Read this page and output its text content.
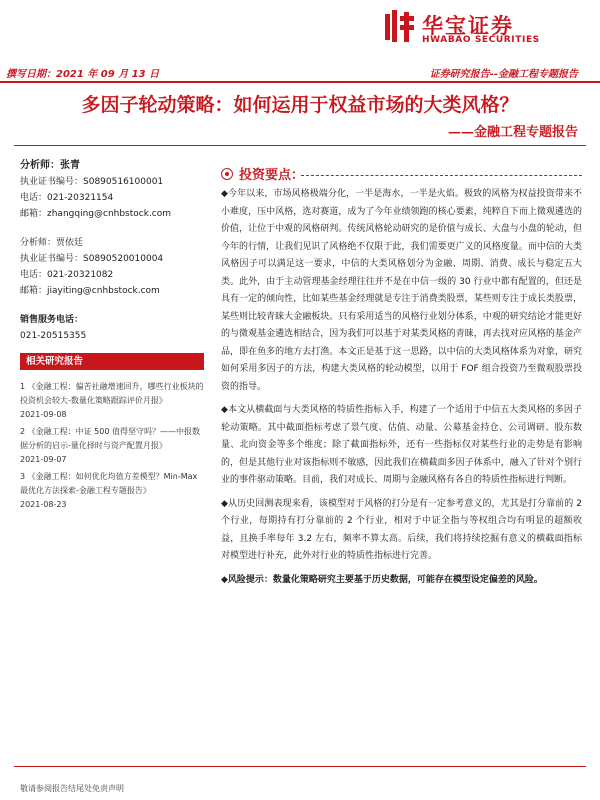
华宝证券
HWABAO SECURITIES
撰写日期：2021 年 09 月 13 日	证券研究报告--金融工程专题报告
多因子轮动策略：如何运用于权益市场的大类风格？
——金融工程专题报告
分析师：张青
执业证书编号：S0890516100001
电话：021-20321154
邮箱：zhangqing@cnhbstock.com
分析师：贾依廷
执业证书编号：S0890520010004
电话：021-20321082
邮箱：jiayiting@cnhbstock.com
销售服务电话：
021-20515355
相关研究报告
1 《金融工程：偏苦社融增速回升，哪些行业板块的投资机会较大-数量化策略跟踪评价月报》
2021-09-08
2 《金融工程：中证 500 值得坚守吗？——中报数据分析的启示-量化择时与资产配置月报》
2021-09-07
3 《金融工程：如何优化均值方差模型？Min-Max 最优化方法探索-金融工程专题报告》
2021-08-23
投资要点：

◆今年以来，市场风格极端分化，一半是海水，一半是火焰。极致的风格为权益投资带来不小难度，压中风格，选对赛道，成为了今年业绩领跑的核心要素，纯粹自下而上微观遴选的价值，让位于中观的风格研判。传统风格轮动研究的是价值与成长、大盘与小盘的轮动，但今年的行情，让我们见识了风格绝不仅限于此，我们需要更广义的风格度量。而中信的大类风格因子可以满足这一要求，中信的大类风格划分为金融、周期、消费、成长与稳定五大类。此外，由于主动管理基金经理往往并不是在中信一级的 30 行业中都有配置的，但还是具有一定的倾向性，比如某些基金经理就是专注于消费类股票，某些则专注于成长类股票，某些则比较青睐大金融板块。只有采用适当的风格行业划分体系，中观的研究结论才能更好的与微观基金遴选相结合，因为我们可以基于对某类风格的青睐，再去找对应风格的基金产品，即在鱼多的地方去打渔。本文正是基于这一思路，以中信的大类风格体系为对象，研究如何采用多因子的方法，构建大类风格的轮动模型，以用于 FOF 组合投资乃至微观股票投资的指导。

◆本文从横截面与大类风格的特质性指标入手，构建了一个适用于中信五大类风格的多因子轮动策略。其中截面指标考虑了景气度、估值、动量、公募基金持仓、公司调研、股东数量、北向资金等多个维度；除了截面指标外，还有一些指标仅对某些行业的走势是有影响的，但是其他行业对该指标则不敏感，因此我们在横截面多因子体系中，融入了针对个别行业的事件驱动策略。目前，我们对成长、周期与金融风格有各自的特质性指标进行判断。

◆从历史回测表现来看，该模型对于风格的打分是有一定参考意义的，尤其是打分靠前的 2 个行业，每期持有打分靠前的 2 个行业，相对于中证全指与等权组合均有明显的超额收益，且换手率每年 3.2 左右，频率不算太高。后续，我们将持续挖掘有意义的横截面指标对模型进行补充，此外对行业的特质性指标进行完善。

◆风险提示：数量化策略研究主要基于历史数据，可能存在模型设定偏差的风险。

敬请参阅报告结尾处免责声明
